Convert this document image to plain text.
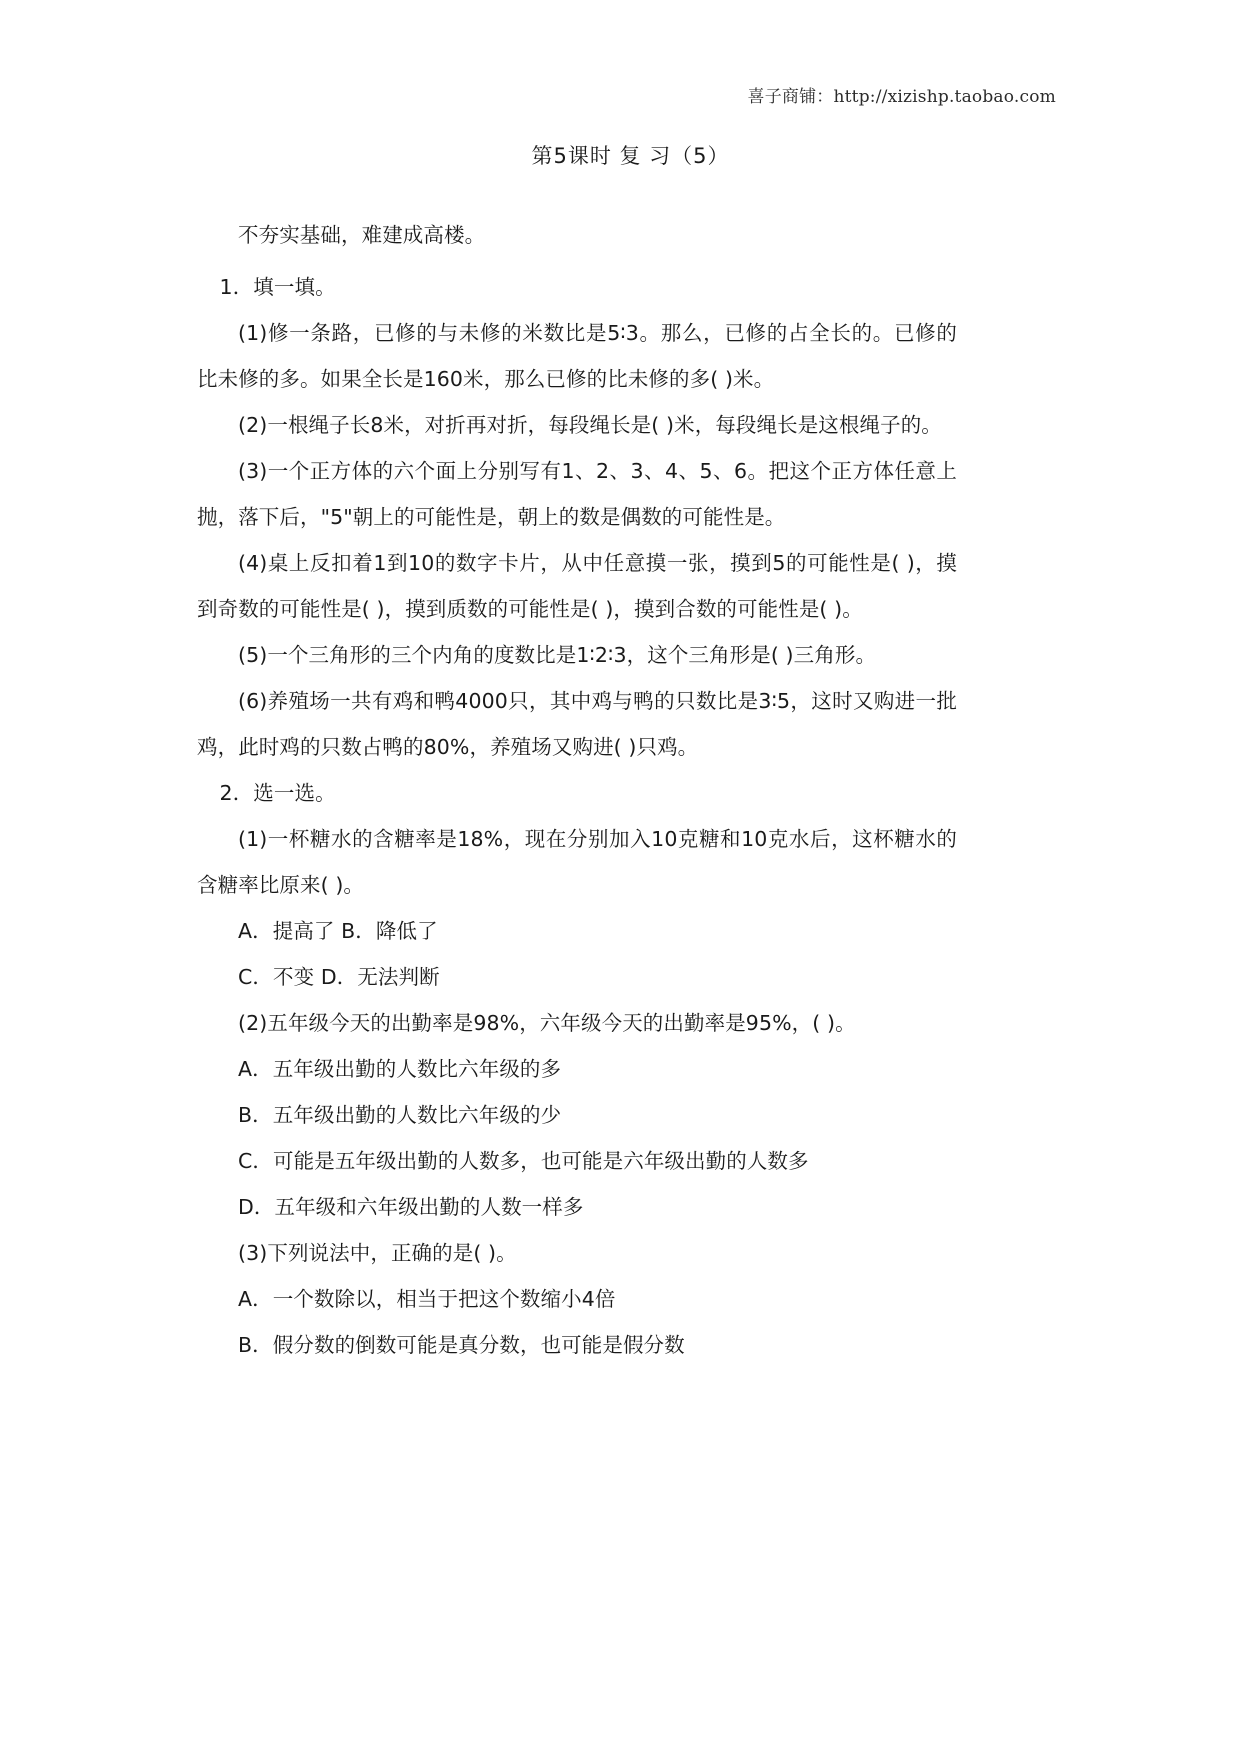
喜子商铺：http://xizishp.taobao.com
第5课时 复 习（5）

不夯实基础，难建成高楼。

1．填一填。

(1)修一条路，已修的与未修的米数比是5∶3。那么，已修的占全长的。已修的比未修的多。如果全长是160米，那么已修的比未修的多( )米。

(2)一根绳子长8米，对折再对折，每段绳长是( )米，每段绳长是这根绳子的。

(3)一个正方体的六个面上分别写有1、2、3、4、5、6。把这个正方体任意上抛，落下后，"5"朝上的可能性是，朝上的数是偶数的可能性是。

(4)桌上反扣着1到10的数字卡片，从中任意摸一张，摸到5的可能性是( )，摸到奇数的可能性是( )，摸到质数的可能性是( )，摸到合数的可能性是( )。

(5)一个三角形的三个内角的度数比是1∶2∶3，这个三角形是( )三角形。

(6)养殖场一共有鸡和鸭4000只，其中鸡与鸭的只数比是3∶5，这时又购进一批鸡，此时鸡的只数占鸭的80%，养殖场又购进( )只鸡。

2．选一选。

(1)一杯糖水的含糖率是18%，现在分别加入10克糖和10克水后，这杯糖水的含糖率比原来( )。

A．提高了 B．降低了

C．不变 D．无法判断

(2)五年级今天的出勤率是98%，六年级今天的出勤率是95%，( )。

A．五年级出勤的人数比六年级的多

B．五年级出勤的人数比六年级的少

C．可能是五年级出勤的人数多，也可能是六年级出勤的人数多

D．五年级和六年级出勤的人数一样多

(3)下列说法中，正确的是( )。

A．一个数除以，相当于把这个数缩小4倍

B．假分数的倒数可能是真分数，也可能是假分数
